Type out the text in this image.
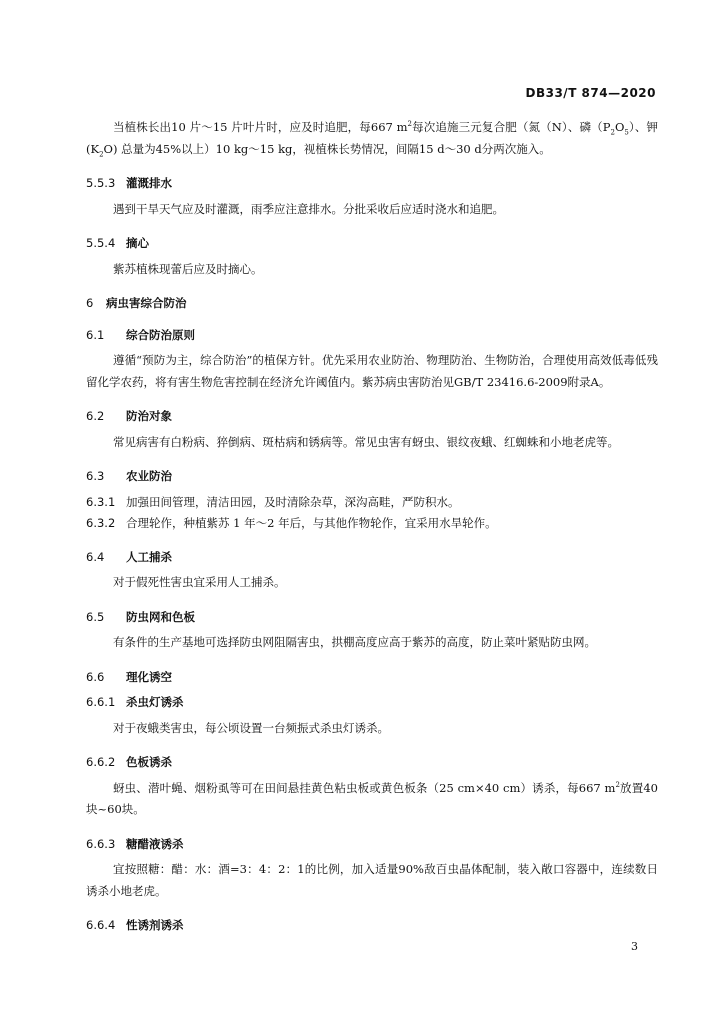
DB33/T 874—2020

当植株长出10 片～15 片叶片时，应及时追肥，每667 $m^2$每次追施三元复合肥（氮（N）、磷$(P_2O_5)$、钾$(K_2O)$ 总量为45%以上）10 kg～15 kg，视植株长势情况，间隔15 d～30 d分两次施入。

5.5.3 灌溉排水

遇到干旱天气应及时灌溉，雨季应注意排水。分批采收后应适时浇水和追肥。

5.5.4 摘心

紫苏植株现蕾后应及时摘心。

6 病虫害综合防治
6.1 综合防治原则

遵循“预防为主，综合防治”的植保方针。优先采用农业防治、物理防治、生物防治，合理使用高效低毒低残留化学农药，将有害生物危害控制在经济允许阈值内。紫苏病虫害防治见GB/T 23416.6-2009附录A。

6.2 防治对象

常见病害有白粉病、猝倒病、斑枯病和锈病等。常见虫害有蚜虫、银纹夜蛾、红蜘蛛和小地老虎等。

6.3 农业防治

6.3.1 加强田间管理，清洁田园，及时清除杂草，深沟高畦，严防积水。

6.3.2 合理轮作，种植紫苏 1 年～2 年后，与其他作物轮作，宜采用水旱轮作。

6.4 人工捕杀

对于假死性害虫宜采用人工捕杀。

6.5 防虫网和色板

有条件的生产基地可选择防虫网阻隔害虫，拱棚高度应高于紫苏的高度，防止菜叶紧贴防虫网。

6.6 理化诱空
6.6.1 杀虫灯诱杀

对于夜蛾类害虫，每公顷设置一台频振式杀虫灯诱杀。

6.6.2 色板诱杀

蚜虫、潜叶蝇、烟粉虱等可在田间悬挂黄色粘虫板或黄色板条（25 cm×40 cm）诱杀，每667 $m^2$放置40块~60块。

6.6.3 糖醋液诱杀

宜按照糖：醋：水：酒=3：4：2：1的比例，加入适量90%敌百虫晶体配制，装入敞口容器中，连续数日诱杀小地老虎。

6.6.4 性诱剂诱杀
3
